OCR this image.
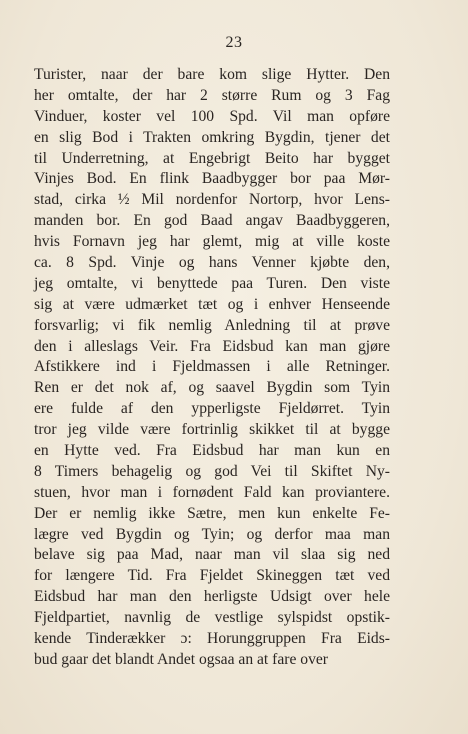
23
Turister, naar der bare kom slige Hytter. Den
her omtalte, der har 2 større Rum og 3 Fag
Vinduer, koster vel 100 Spd. Vil man opføre
en slig Bod i Trakten omkring Bygdin, tjener det
til Underretning, at Engebrigt Beito har bygget
Vinjes Bod. En flink Baadbygger bor paa Mør-
stad, cirka ½ Mil nordenfor Nortorp, hvor Lens-
manden bor. En god Baad angav Baadbyggeren,
hvis Fornavn jeg har glemt, mig at ville koste
ca. 8 Spd. Vinje og hans Venner kjøbte den,
jeg omtalte, vi benyttede paa Turen. Den viste
sig at være udmærket tæt og i enhver Henseende
forsvarlig; vi fik nemlig Anledning til at prøve
den i alleslags Veir. Fra Eidsbud kan man gjøre
Afstikkere ind i Fjeldmassen i alle Retninger.
Ren er det nok af, og saavel Bygdin som Tyin
ere fulde af den ypperligste Fjeldørret. Tyin
tror jeg vilde være fortrinlig skikket til at bygge
en Hytte ved. Fra Eidsbud har man kun en
8 Timers behagelig og god Vei til Skiftet Ny-
stuen, hvor man i fornødent Fald kan proviantere.
Der er nemlig ikke Sætre, men kun enkelte Fe-
lægre ved Bygdin og Tyin; og derfor maa man
belave sig paa Mad, naar man vil slaa sig ned
for længere Tid. Fra Fjeldet Skineggen tæt ved
Eidsbud har man den herligste Udsigt over hele
Fjeldpartiet, navnlig de vestlige sylspidst opstik-
kende Tinderækker ɔ: Horunggruppen Fra Eids-
bud gaar det blandt Andet ogsaa an at fare over
